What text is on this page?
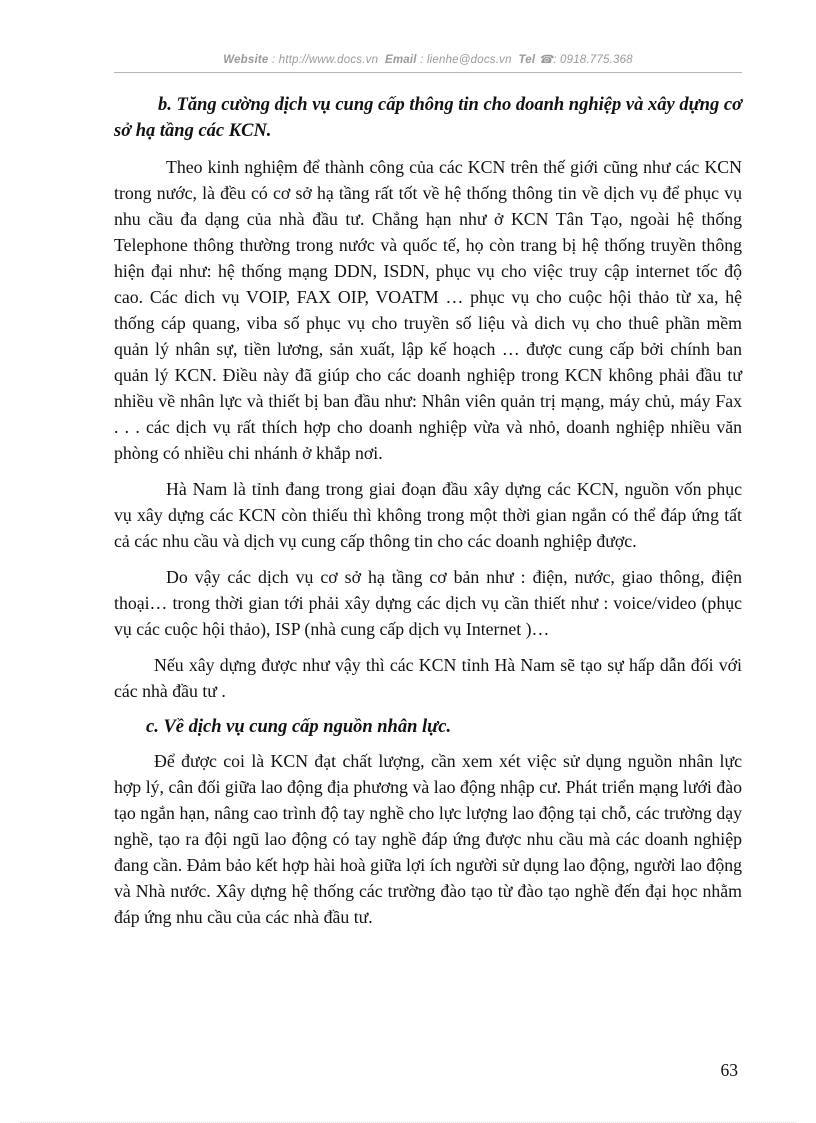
Website : http://www.docs.vn Email : lienhe@docs.vn Tel ☎: 0918.775.368

b. Tăng cường dịch vụ cung cấp thông tin cho doanh nghiệp và xây dựng cơ sở hạ tầng các KCN.

Theo kinh nghiệm để thành công của các KCN trên thế giới cũng như các KCN trong nước, là đều có cơ sở hạ tầng rất tốt về hệ thống thông tin về dịch vụ để phục vụ nhu cầu đa dạng của nhà đầu tư. Chẳng hạn như ở KCN Tân Tạo, ngoài hệ thống Telephone thông thường trong nước và quốc tế, họ còn trang bị hệ thống truyền thông hiện đại như: hệ thống mạng DDN, ISDN, phục vụ cho việc truy cập internet tốc độ cao. Các dich vụ VOIP, FAX OIP, VOATM … phục vụ cho cuộc hội thảo từ xa, hệ thống cáp quang, viba số phục vụ cho truyền số liệu và dich vụ cho thuê phần mềm quản lý nhân sự, tiền lương, sản xuất, lập kế hoạch … được cung cấp bởi chính ban quản lý KCN. Điều này đã giúp cho các doanh nghiệp trong KCN không phải đầu tư nhiều về nhân lực và thiết bị ban đầu như: Nhân viên quản trị mạng, máy chủ, máy Fax . . . các dịch vụ rất thích hợp cho doanh nghiệp vừa và nhỏ, doanh nghiệp nhiều văn phòng có nhiều chi nhánh ở khắp nơi.

Hà Nam là tỉnh đang trong giai đoạn đầu xây dựng các KCN, nguồn vốn phục vụ xây dựng các KCN còn thiếu thì không trong một thời gian ngắn có thể đáp ứng tất cả các nhu cầu và dịch vụ cung cấp thông tin cho các doanh nghiệp được.

Do vậy các dịch vụ cơ sở hạ tầng cơ bản như : điện, nước, giao thông, điện thoại… trong thời gian tới phải xây dựng các dịch vụ cần thiết như : voice/video (phục vụ các cuộc hội thảo), ISP (nhà cung cấp dịch vụ Internet )…

Nếu xây dựng được như vậy thì các KCN tỉnh Hà Nam sẽ tạo sự hấp dẫn đối với các nhà đầu tư .

c. Về dịch vụ cung cấp nguồn nhân lực.

Để được coi là KCN đạt chất lượng, cần xem xét việc sử dụng nguồn nhân lực hợp lý, cân đối giữa lao động địa phương và lao động nhập cư. Phát triển mạng lưới đào tạo ngắn hạn, nâng cao trình độ tay nghề cho lực lượng lao động tại chỗ, các trường dạy nghề, tạo ra đội ngũ lao động có tay nghề đáp ứng được nhu cầu mà các doanh nghiệp đang cần. Đảm bảo kết hợp hài hoà giữa lợi ích người sử dụng lao động, người lao động và Nhà nước. Xây dựng hệ thống các trường đào tạo từ đào tạo nghề đến đại học nhằm đáp ứng nhu cầu của các nhà đầu tư.

63
